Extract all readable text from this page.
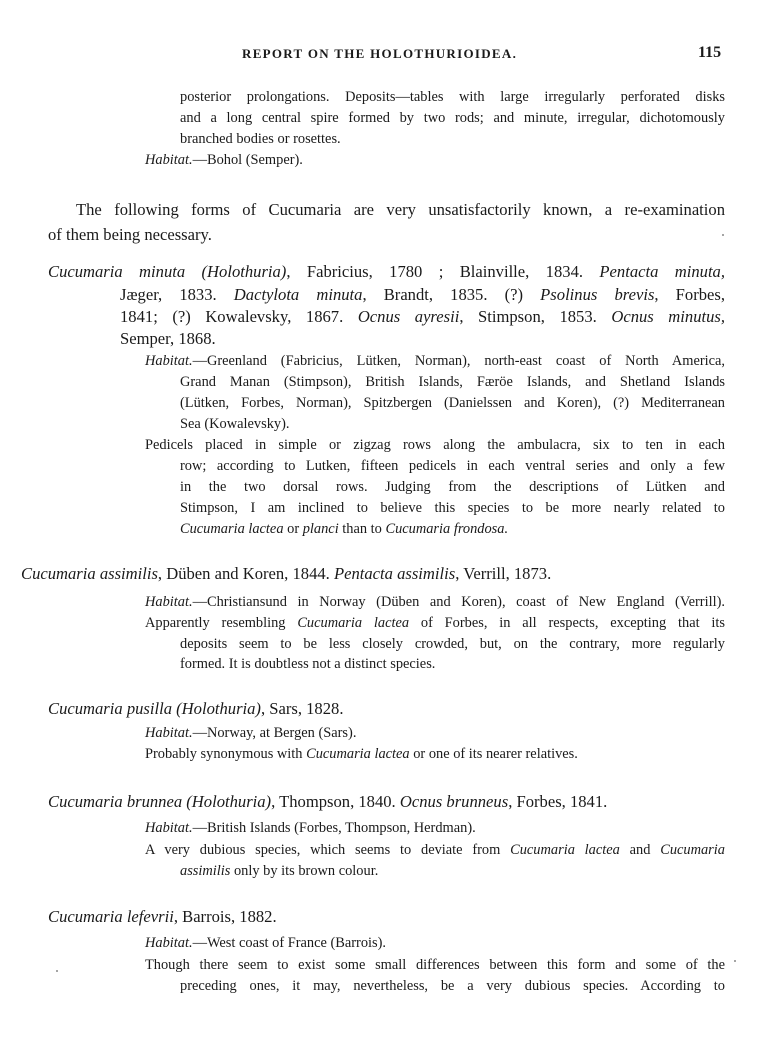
REPORT ON THE HOLOTHURIOIDEA.	115
posterior prolongations. Deposits—tables with large irregularly perforated disks
and a long central spire formed by two rods; and minute, irregular, dichotomously
branched bodies or rosettes.
Habitat.—Bohol (Semper).
The following forms of Cucumaria are very unsatisfactorily known, a re-examination
of them being necessary.
Cucumaria minuta (Holothuria), Fabricius, 1780 ; Blainville, 1834. Pentacta minuta,
Jæger, 1833. Dactylota minuta, Brandt, 1835. (?) Psolinus brevis, Forbes,
1841; (?) Kowalevsky, 1867. Ocnus ayresii, Stimpson, 1853. Ocnus minutus,
Semper, 1868.
Habitat.—Greenland (Fabricius, Lütken, Norman), north-east coast of North America,
Grand Manan (Stimpson), British Islands, Færöe Islands, and Shetland Islands
(Lütken, Forbes, Norman), Spitzbergen (Danielssen and Koren), (?) Mediterranean
Sea (Kowalevsky).
Pedicels placed in simple or zigzag rows along the ambulacra, six to ten in each
row; according to Lutken, fifteen pedicels in each ventral series and only a few
in the two dorsal rows. Judging from the descriptions of Lütken and
Stimpson, I am inclined to believe this species to be more nearly related to
Cucumaria lactea or planci than to Cucumaria frondosa.
Cucumaria assimilis, Düben and Koren, 1844. Pentacta assimilis, Verrill, 1873.
Habitat.—Christiansund in Norway (Düben and Koren), coast of New England (Verrill).
Apparently resembling Cucumaria lactea of Forbes, in all respects, excepting that its
deposits seem to be less closely crowded, but, on the contrary, more regularly
formed. It is doubtless not a distinct species.
Cucumaria pusilla (Holothuria), Sars, 1828.
Habitat.—Norway, at Bergen (Sars).
Probably synonymous with Cucumaria lactea or one of its nearer relatives.
Cucumaria brunnea (Holothuria), Thompson, 1840. Ocnus brunneus, Forbes, 1841.
Habitat.—British Islands (Forbes, Thompson, Herdman).
A very dubious species, which seems to deviate from Cucumaria lactea and Cucumaria
assimilis only by its brown colour.
Cucumaria lefevrii, Barrois, 1882.
Habitat.—West coast of France (Barrois).
Though there seem to exist some small differences between this form and some of the
preceding ones, it may, nevertheless, be a very dubious species. According to
